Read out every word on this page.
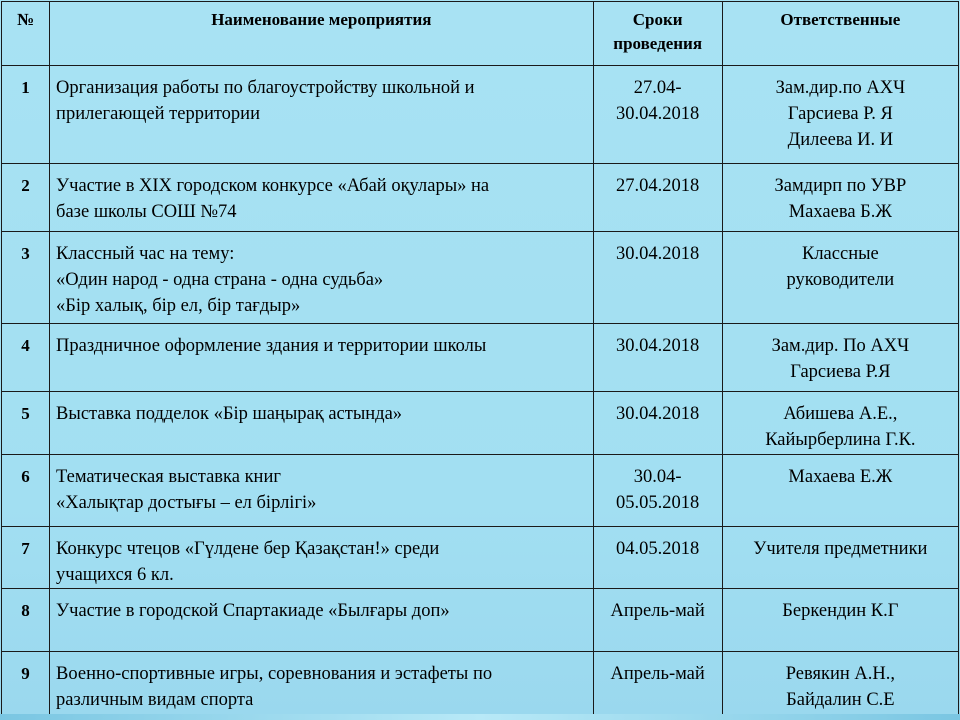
№	Наименование мероприятия	Сроки
проведения	Ответственные
1	Организация работы по благоустройству школьной и
прилегающей территории	27.04-
30.04.2018	Зам.дир.по АХЧ
Гарсиева Р. Я
Дилеева И. И

2	Участие в XIX городском конкурсе «Абай оқулары» на
базе школы СОШ №74	27.04.2018	Замдирп по УВР
Махаева Б.Ж

3	Классный час на тему:
«Один народ - одна страна - одна судьба»
«Бір халық, бір ел, бір тағдыр»	30.04.2018	Классные
руководители

4	Праздничное оформление здания и территории школы	30.04.2018	Зам.дир. По АХЧ
Гарсиева Р.Я

5	Выставка подделок «Бір шаңырақ астында»	30.04.2018	Абишева А.Е.,
Кайырберлина Г.К.

6	Тематическая выставка книг
«Халықтар достығы – ел бірлігі»	30.04-
05.05.2018	Махаева Е.Ж

7	Конкурс чтецов «Гүлдене бер Қазақстан!» среди
учащихся 6 кл.	04.05.2018	Учителя предметники

8	Участие в городской Спартакиаде «Былғары доп»	Апрель-май	Беркендин К.Г

9	Военно-спортивные игры, соревнования и эстафеты по
различным видам спорта	Апрель-май	Ревякин А.Н.,
Байдалин С.Е
